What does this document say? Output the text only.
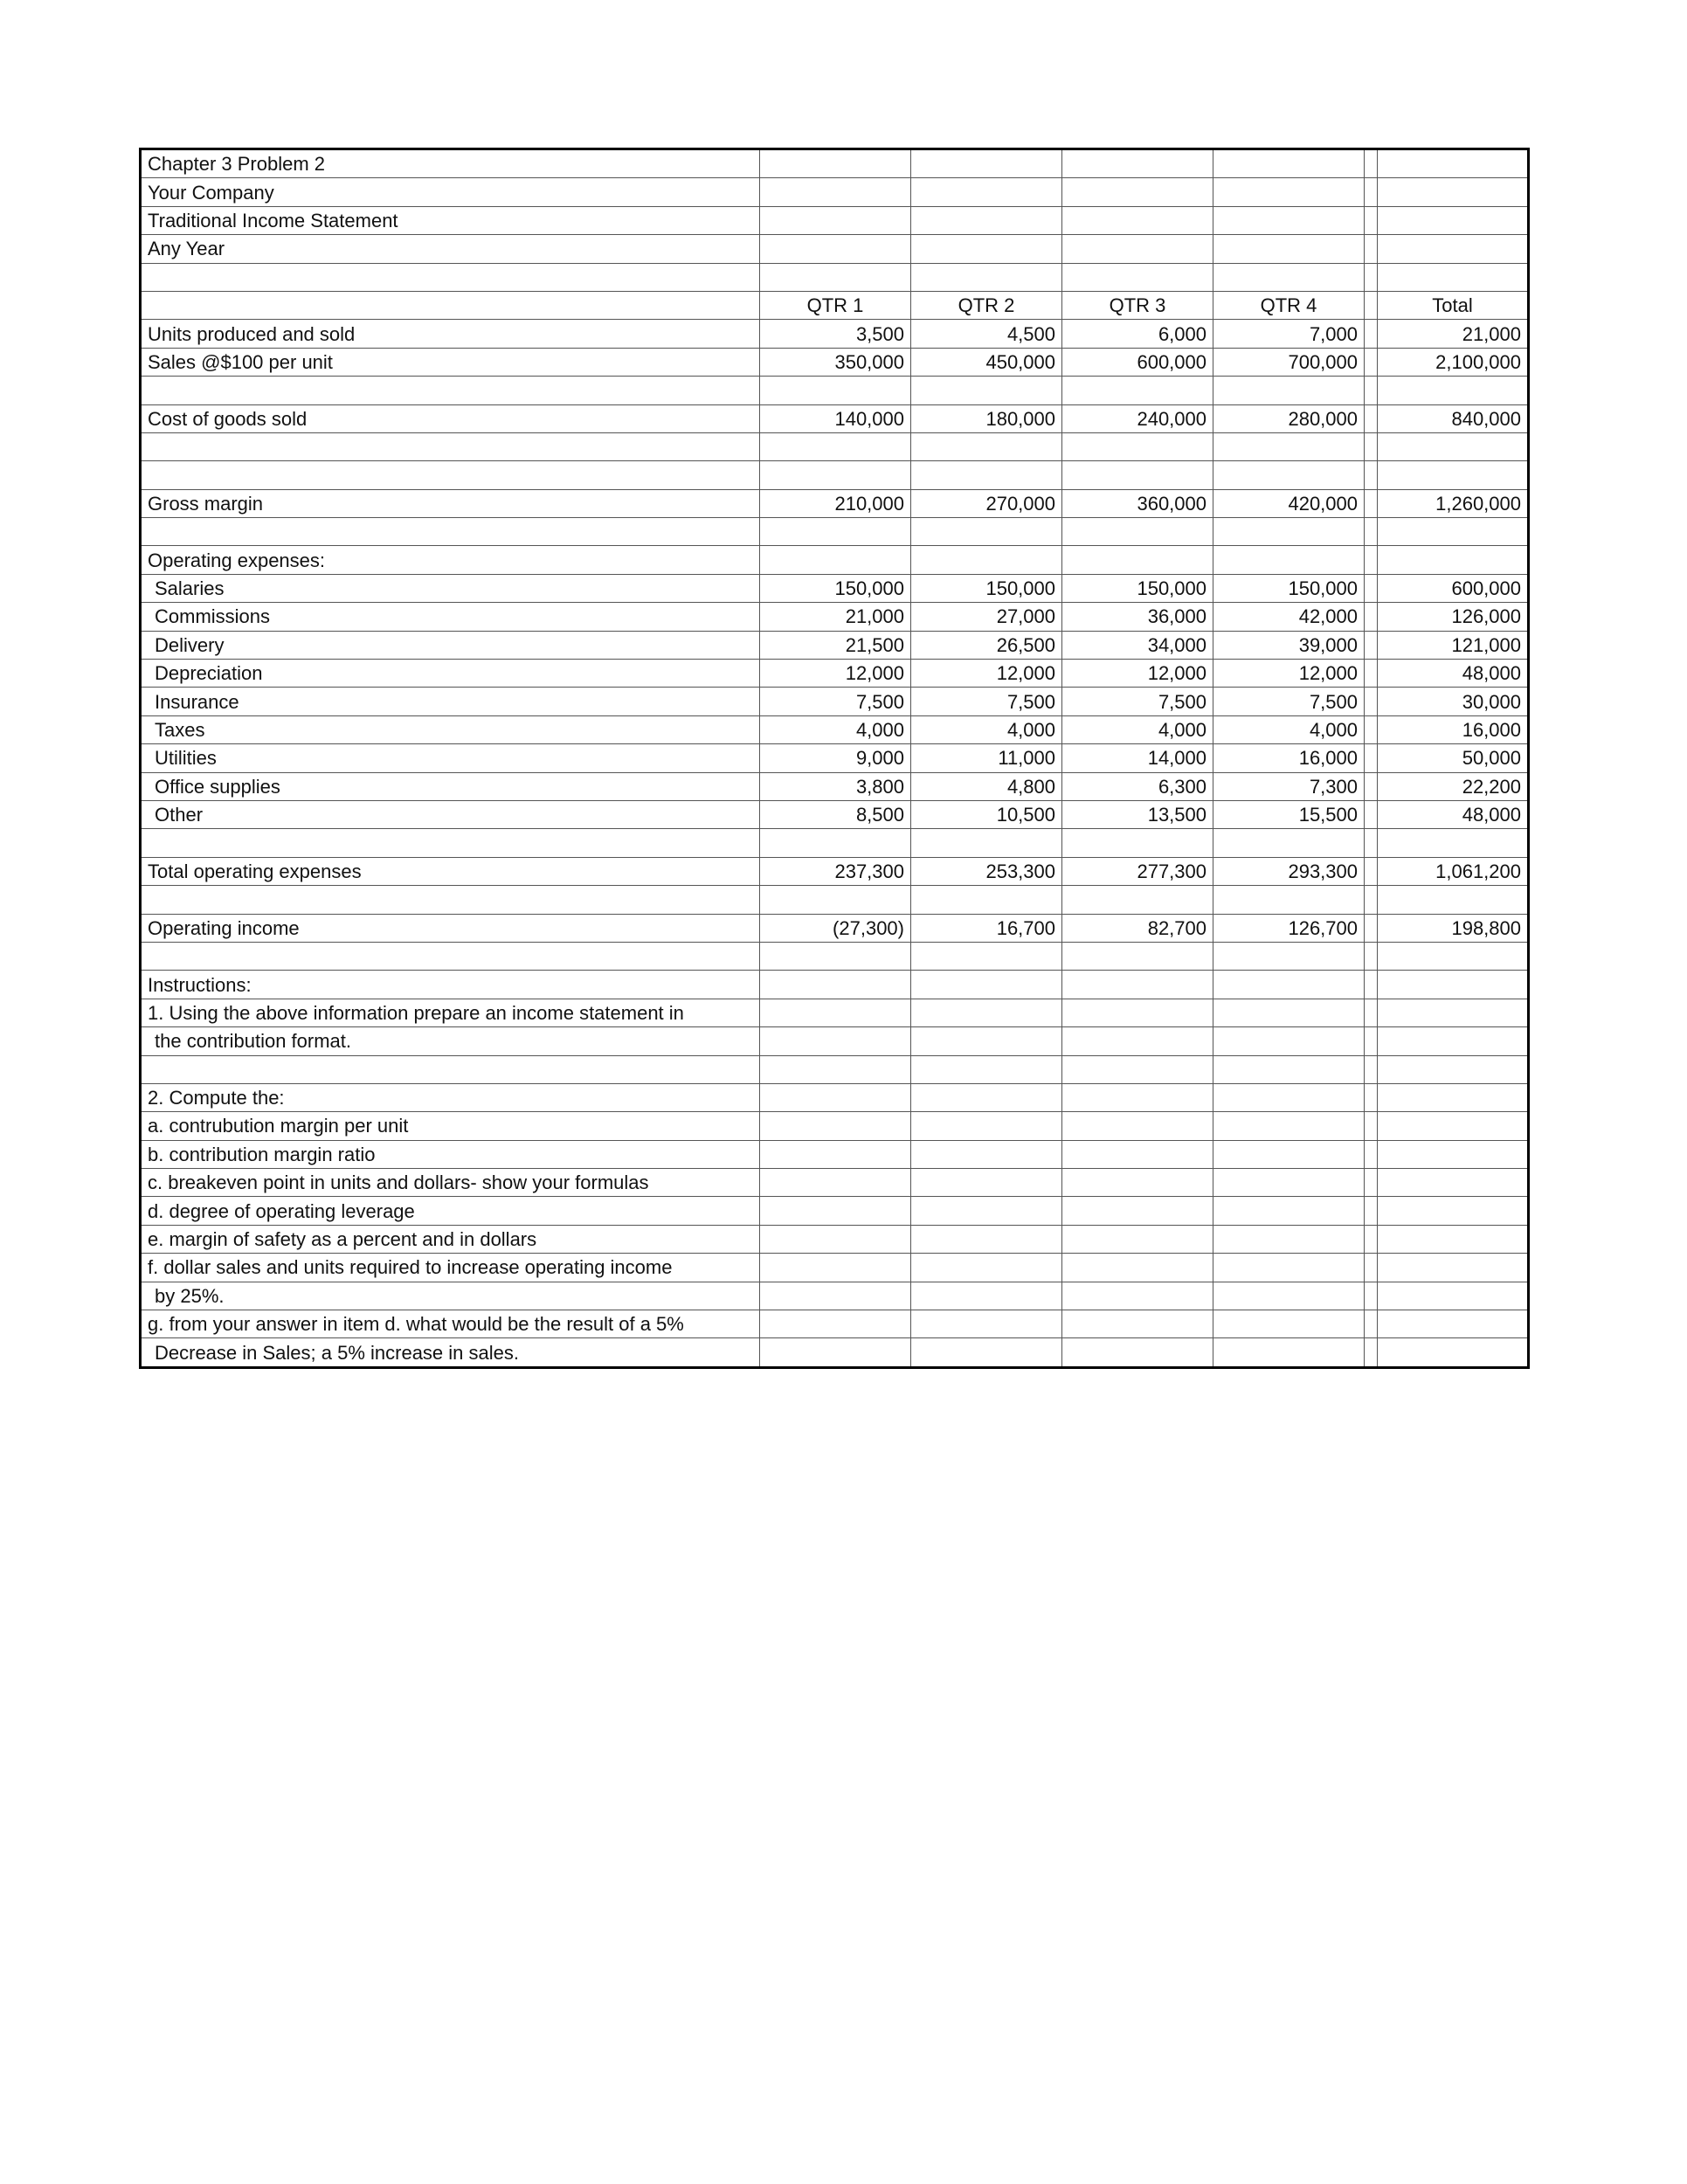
Chapter 3 Problem 2						
Your Company						
Traditional Income Statement						
Any Year						

	QTR 1	QTR 2	QTR 3	QTR 4		Total
Units produced and sold	3,500	4,500	6,000	7,000		21,000
Sales @$100 per unit	350,000	450,000	600,000	700,000		2,100,000

Cost of goods sold	140,000	180,000	240,000	280,000		840,000

Gross margin	210,000	270,000	360,000	420,000		1,260,000

Operating expenses:						
Salaries	150,000	150,000	150,000	150,000		600,000
Commissions	21,000	27,000	36,000	42,000		126,000
Delivery	21,500	26,500	34,000	39,000		121,000
Depreciation	12,000	12,000	12,000	12,000		48,000
Insurance	7,500	7,500	7,500	7,500		30,000
Taxes	4,000	4,000	4,000	4,000		16,000
Utilities	9,000	11,000	14,000	16,000		50,000
Office supplies	3,800	4,800	6,300	7,300		22,200
Other	8,500	10,500	13,500	15,500		48,000

Total operating expenses	237,300	253,300	277,300	293,300		1,061,200

Operating income	(27,300)	16,700	82,700	126,700		198,800

Instructions:						
1. Using the above information prepare an income statement in						
the contribution format.						

2. Compute the:						
a. contrubution margin per unit						
b. contribution margin ratio						
c. breakeven point in units and dollars- show your formulas						
d. degree of operating leverage						
e. margin of safety as a percent and in dollars						
f. dollar sales and units required to increase operating income						
by 25%.						
g. from your answer in item d. what would be the result of a 5%						
Decrease in Sales; a 5% increase in sales.						
